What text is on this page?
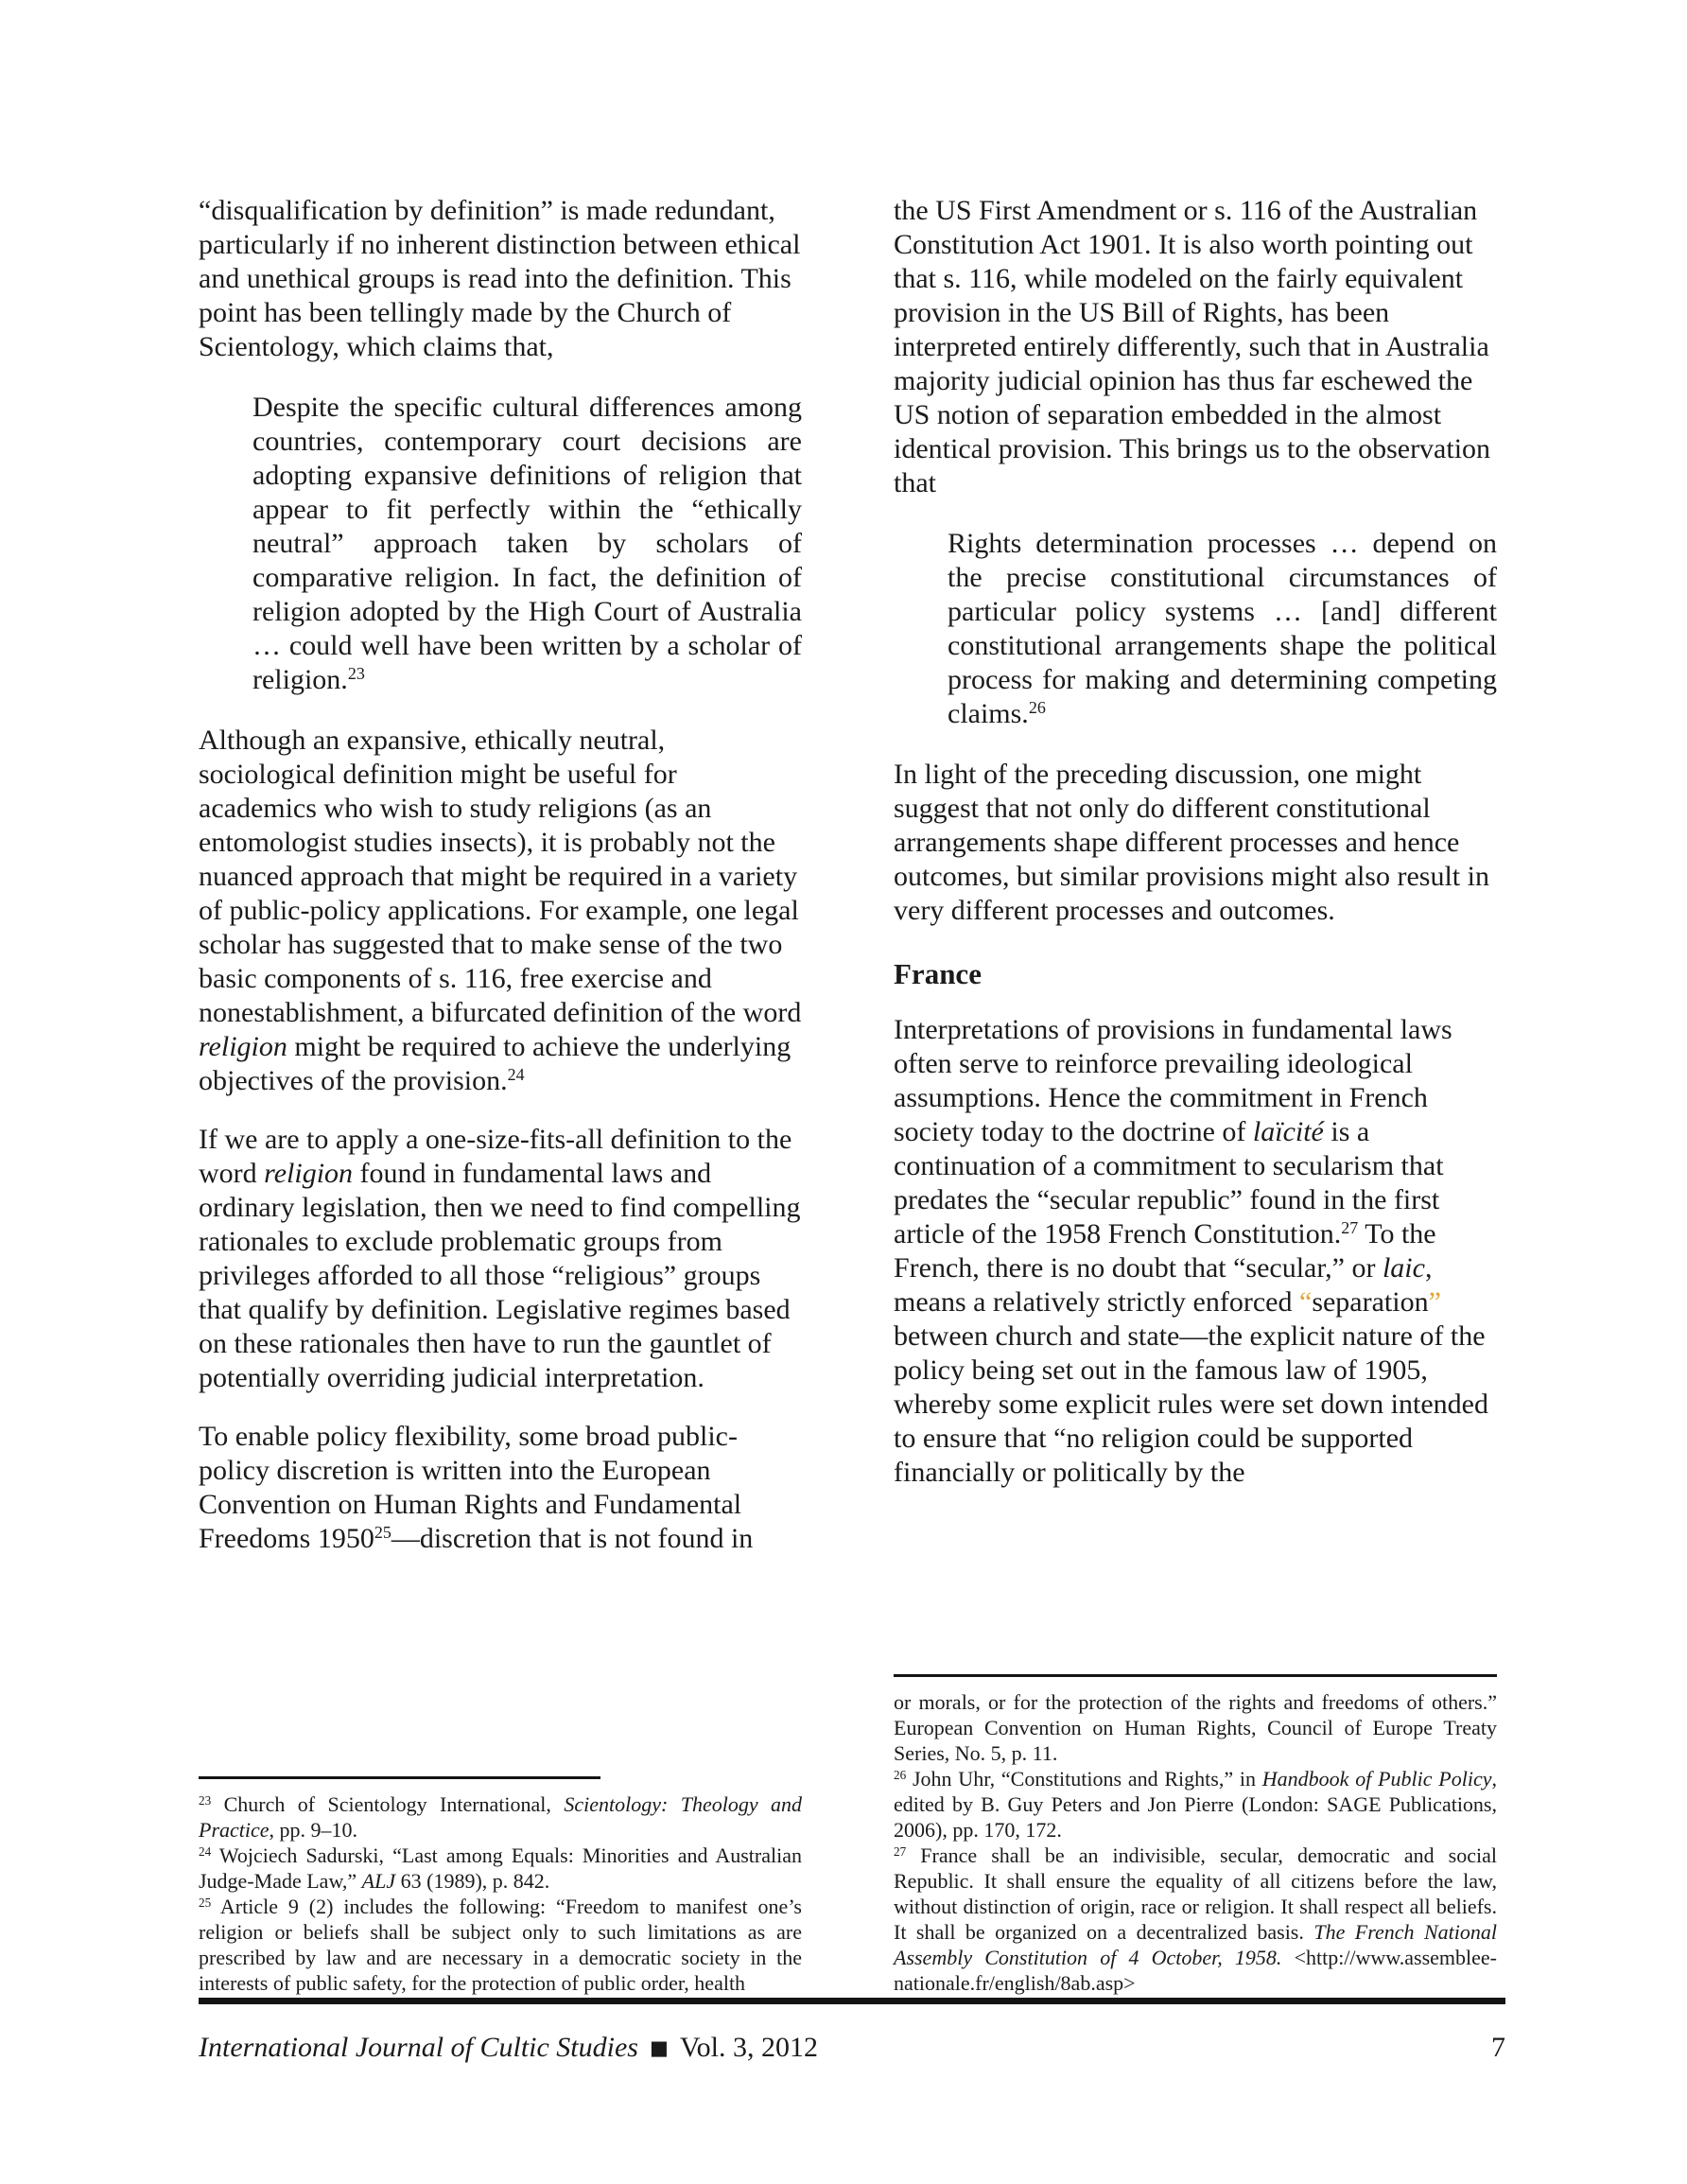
“disqualification by definition” is made redundant, particularly if no inherent distinction between ethical and unethical groups is read into the definition. This point has been tellingly made by the Church of Scientology, which claims that,

Despite the specific cultural differences among countries, contemporary court decisions are adopting expansive definitions of religion that appear to fit perfectly within the “ethically neutral” approach taken by scholars of comparative religion. In fact, the definition of religion adopted by the High Court of Australia … could well have been written by a scholar of religion.$^{23}$

Although an expansive, ethically neutral, sociological definition might be useful for academics who wish to study religions (as an entomologist studies insects), it is probably not the nuanced approach that might be required in a variety of public-policy applications. For example, one legal scholar has suggested that to make sense of the two basic components of s. 116, free exercise and nonestablishment, a bifurcated definition of the word religion might be required to achieve the underlying objectives of the provision.$^{24}$

If we are to apply a one-size-fits-all definition to the word religion found in fundamental laws and ordinary legislation, then we need to find compelling rationales to exclude problematic groups from privileges afforded to all those “religious” groups that qualify by definition. Legislative regimes based on these rationales then have to run the gauntlet of potentially overriding judicial interpretation.

To enable policy flexibility, some broad public-policy discretion is written into the European Convention on Human Rights and Fundamental Freedoms 1950$^{25}$—discretion that is not found in

$^{23}$ Church of Scientology International, Scientology: Theology and Practice, pp. 9–10.

$^{24}$ Wojciech Sadurski, “Last among Equals: Minorities and Australian Judge-Made Law,” ALJ 63 (1989), p. 842.

$^{25}$ Article 9 (2) includes the following: “Freedom to manifest one’s religion or beliefs shall be subject only to such limitations as are prescribed by law and are necessary in a democratic society in the interests of public safety, for the protection of public order, health

the US First Amendment or s. 116 of the Australian Constitution Act 1901. It is also worth pointing out that s. 116, while modeled on the fairly equivalent provision in the US Bill of Rights, has been interpreted entirely differently, such that in Australia majority judicial opinion has thus far eschewed the US notion of separation embedded in the almost identical provision. This brings us to the observation that

Rights determination processes … depend on the precise constitutional circumstances of particular policy systems … [and] different constitutional arrangements shape the political process for making and determining competing claims.$^{26}$

In light of the preceding discussion, one might suggest that not only do different constitutional arrangements shape different processes and hence outcomes, but similar provisions might also result in very different processes and outcomes.

France

Interpretations of provisions in fundamental laws often serve to reinforce prevailing ideological assumptions. Hence the commitment in French society today to the doctrine of laïcité is a continuation of a commitment to secularism that predates the “secular republic” found in the first article of the 1958 French Constitution.$^{27}$ To the French, there is no doubt that “secular,” or laic, means a relatively strictly enforced “separation” between church and state—the explicit nature of the policy being set out in the famous law of 1905, whereby some explicit rules were set down intended to ensure that “no religion could be supported financially or politically by the

or morals, or for the protection of the rights and freedoms of others.” European Convention on Human Rights, Council of Europe Treaty Series, No. 5, p. 11.

$^{26}$ John Uhr, “Constitutions and Rights,” in Handbook of Public Policy, edited by B. Guy Peters and Jon Pierre (London: SAGE Publications, 2006), pp. 170, 172.

$^{27}$ France shall be an indivisible, secular, democratic and social Republic. It shall ensure the equality of all citizens before the law, without distinction of origin, race or religion. It shall respect all beliefs. It shall be organized on a decentralized basis. The French National Assembly Constitution of 4 October, 1958. <http://www.assemblee-nationale.fr/english/8ab.asp>

International Journal of Cultic Studies ■ Vol. 3, 2012	7
